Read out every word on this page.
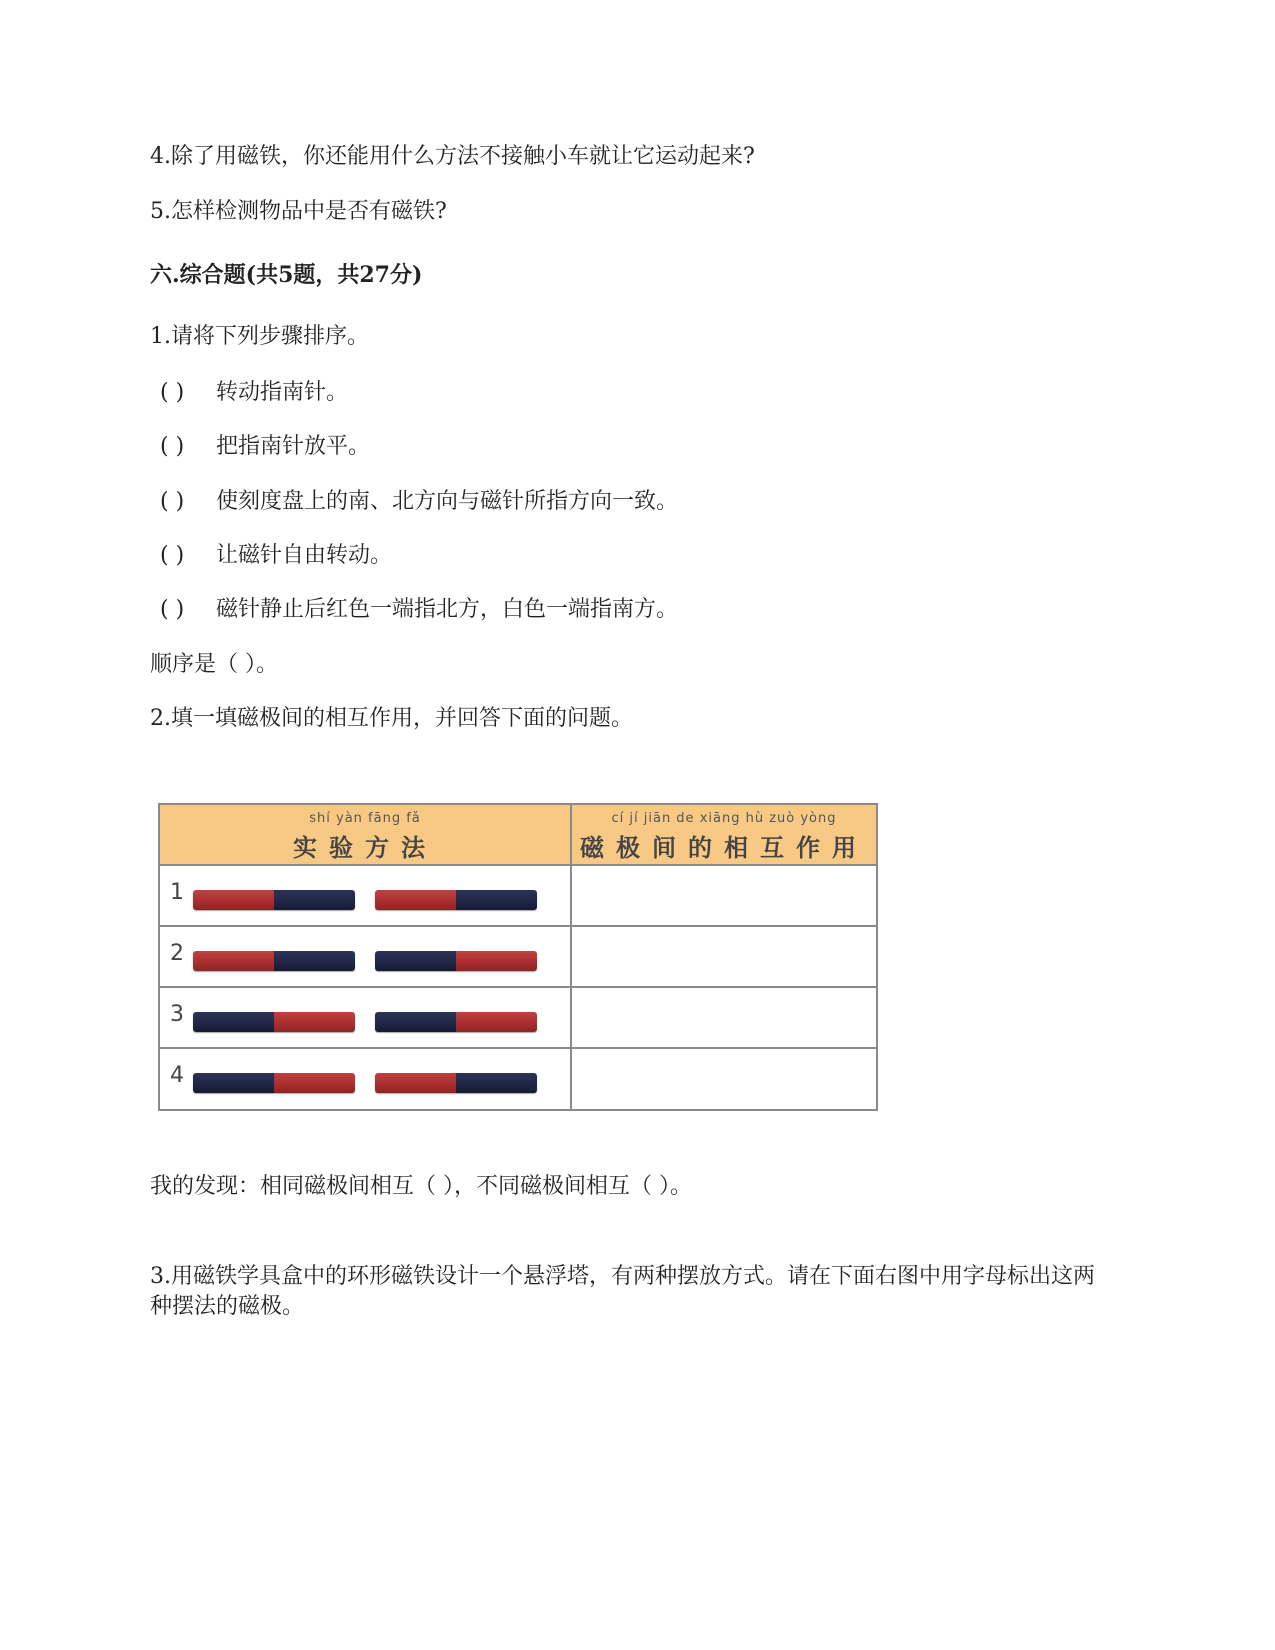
4.除了用磁铁，你还能用什么方法不接触小车就让它运动起来?
5.怎样检测物品中是否有磁铁?
六.综合题(共5题，共27分)
1.请将下列步骤排序。
( ) 转动指南针。
( ) 把指南针放平。
( ) 使刻度盘上的南、北方向与磁针所指方向一致。
( ) 让磁针自由转动。
( ) 磁针静止后红色一端指北方，白色一端指南方。
顺序是（ ）。
2.填一填磁极间的相互作用，并回答下面的问题。
shí yàn fāng fǎ
实验方法
cí jí jiān de xiāng hù zuò yòng
磁极间的相互作用
1
2
3
4
我的发现：相同磁极间相互（ ），不同磁极间相互（ ）。
3.用磁铁学具盒中的环形磁铁设计一个悬浮塔，有两种摆放方式。请在下面右图中用字母标出这两种摆法的磁极。
